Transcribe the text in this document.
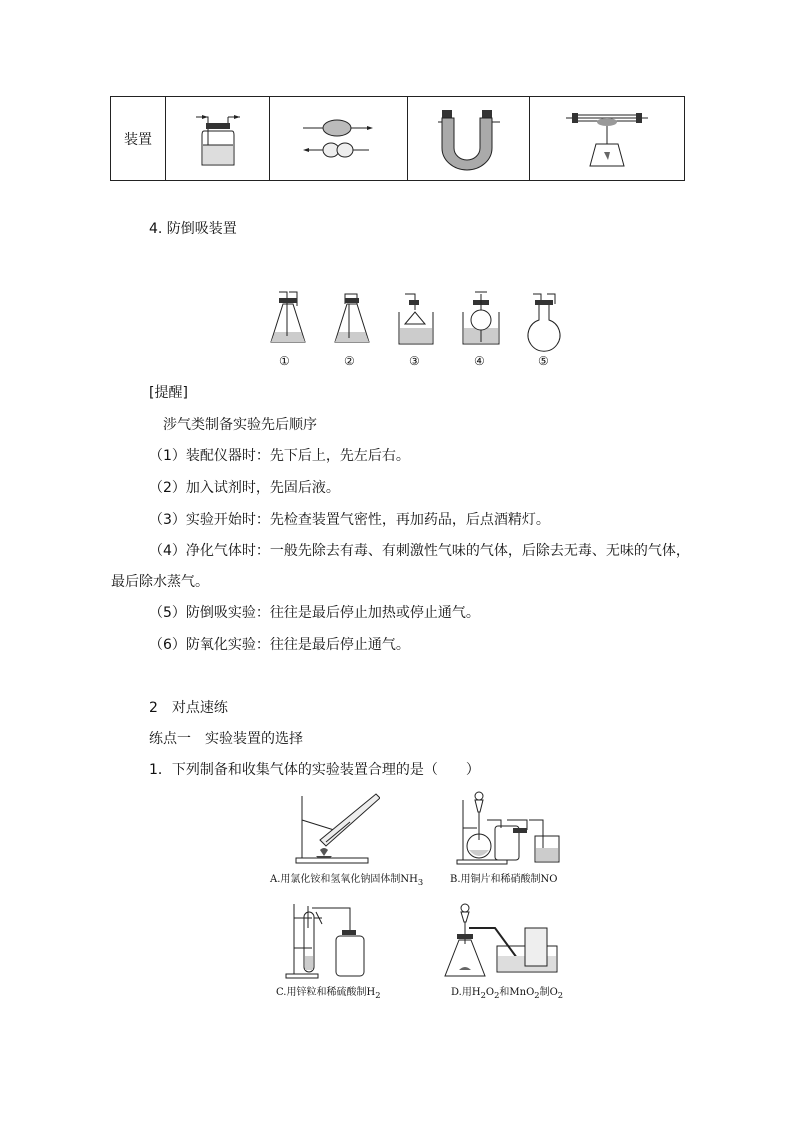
装置	

4. 防倒吸装置
①	②	③	④	⑤
[提醒]
涉气类制备实验先后顺序
（1）装配仪器时：先下后上，先左后右。
（2）加入试剂时，先固后液。
（3）实验开始时：先检查装置气密性，再加药品，后点酒精灯。
（4）净化气体时：一般先除去有毒、有刺激性气味的气体，后除去无毒、无味的气体，
最后除水蒸气。
（5）防倒吸实验：往往是最后停止加热或停止通气。
（6）防氧化实验：往往是最后停止通气。
2　对点速练
练点一　实验装置的选择
1．下列制备和收集气体的实验装置合理的是（　　）
A.用氯化铵和氢氧化钠固体制$NH_3$	B.用铜片和稀硝酸制NO
C.用锌粒和稀硫酸制$H_2$	D.用$H_2O_2$和MnO$_2$制$O_2$
